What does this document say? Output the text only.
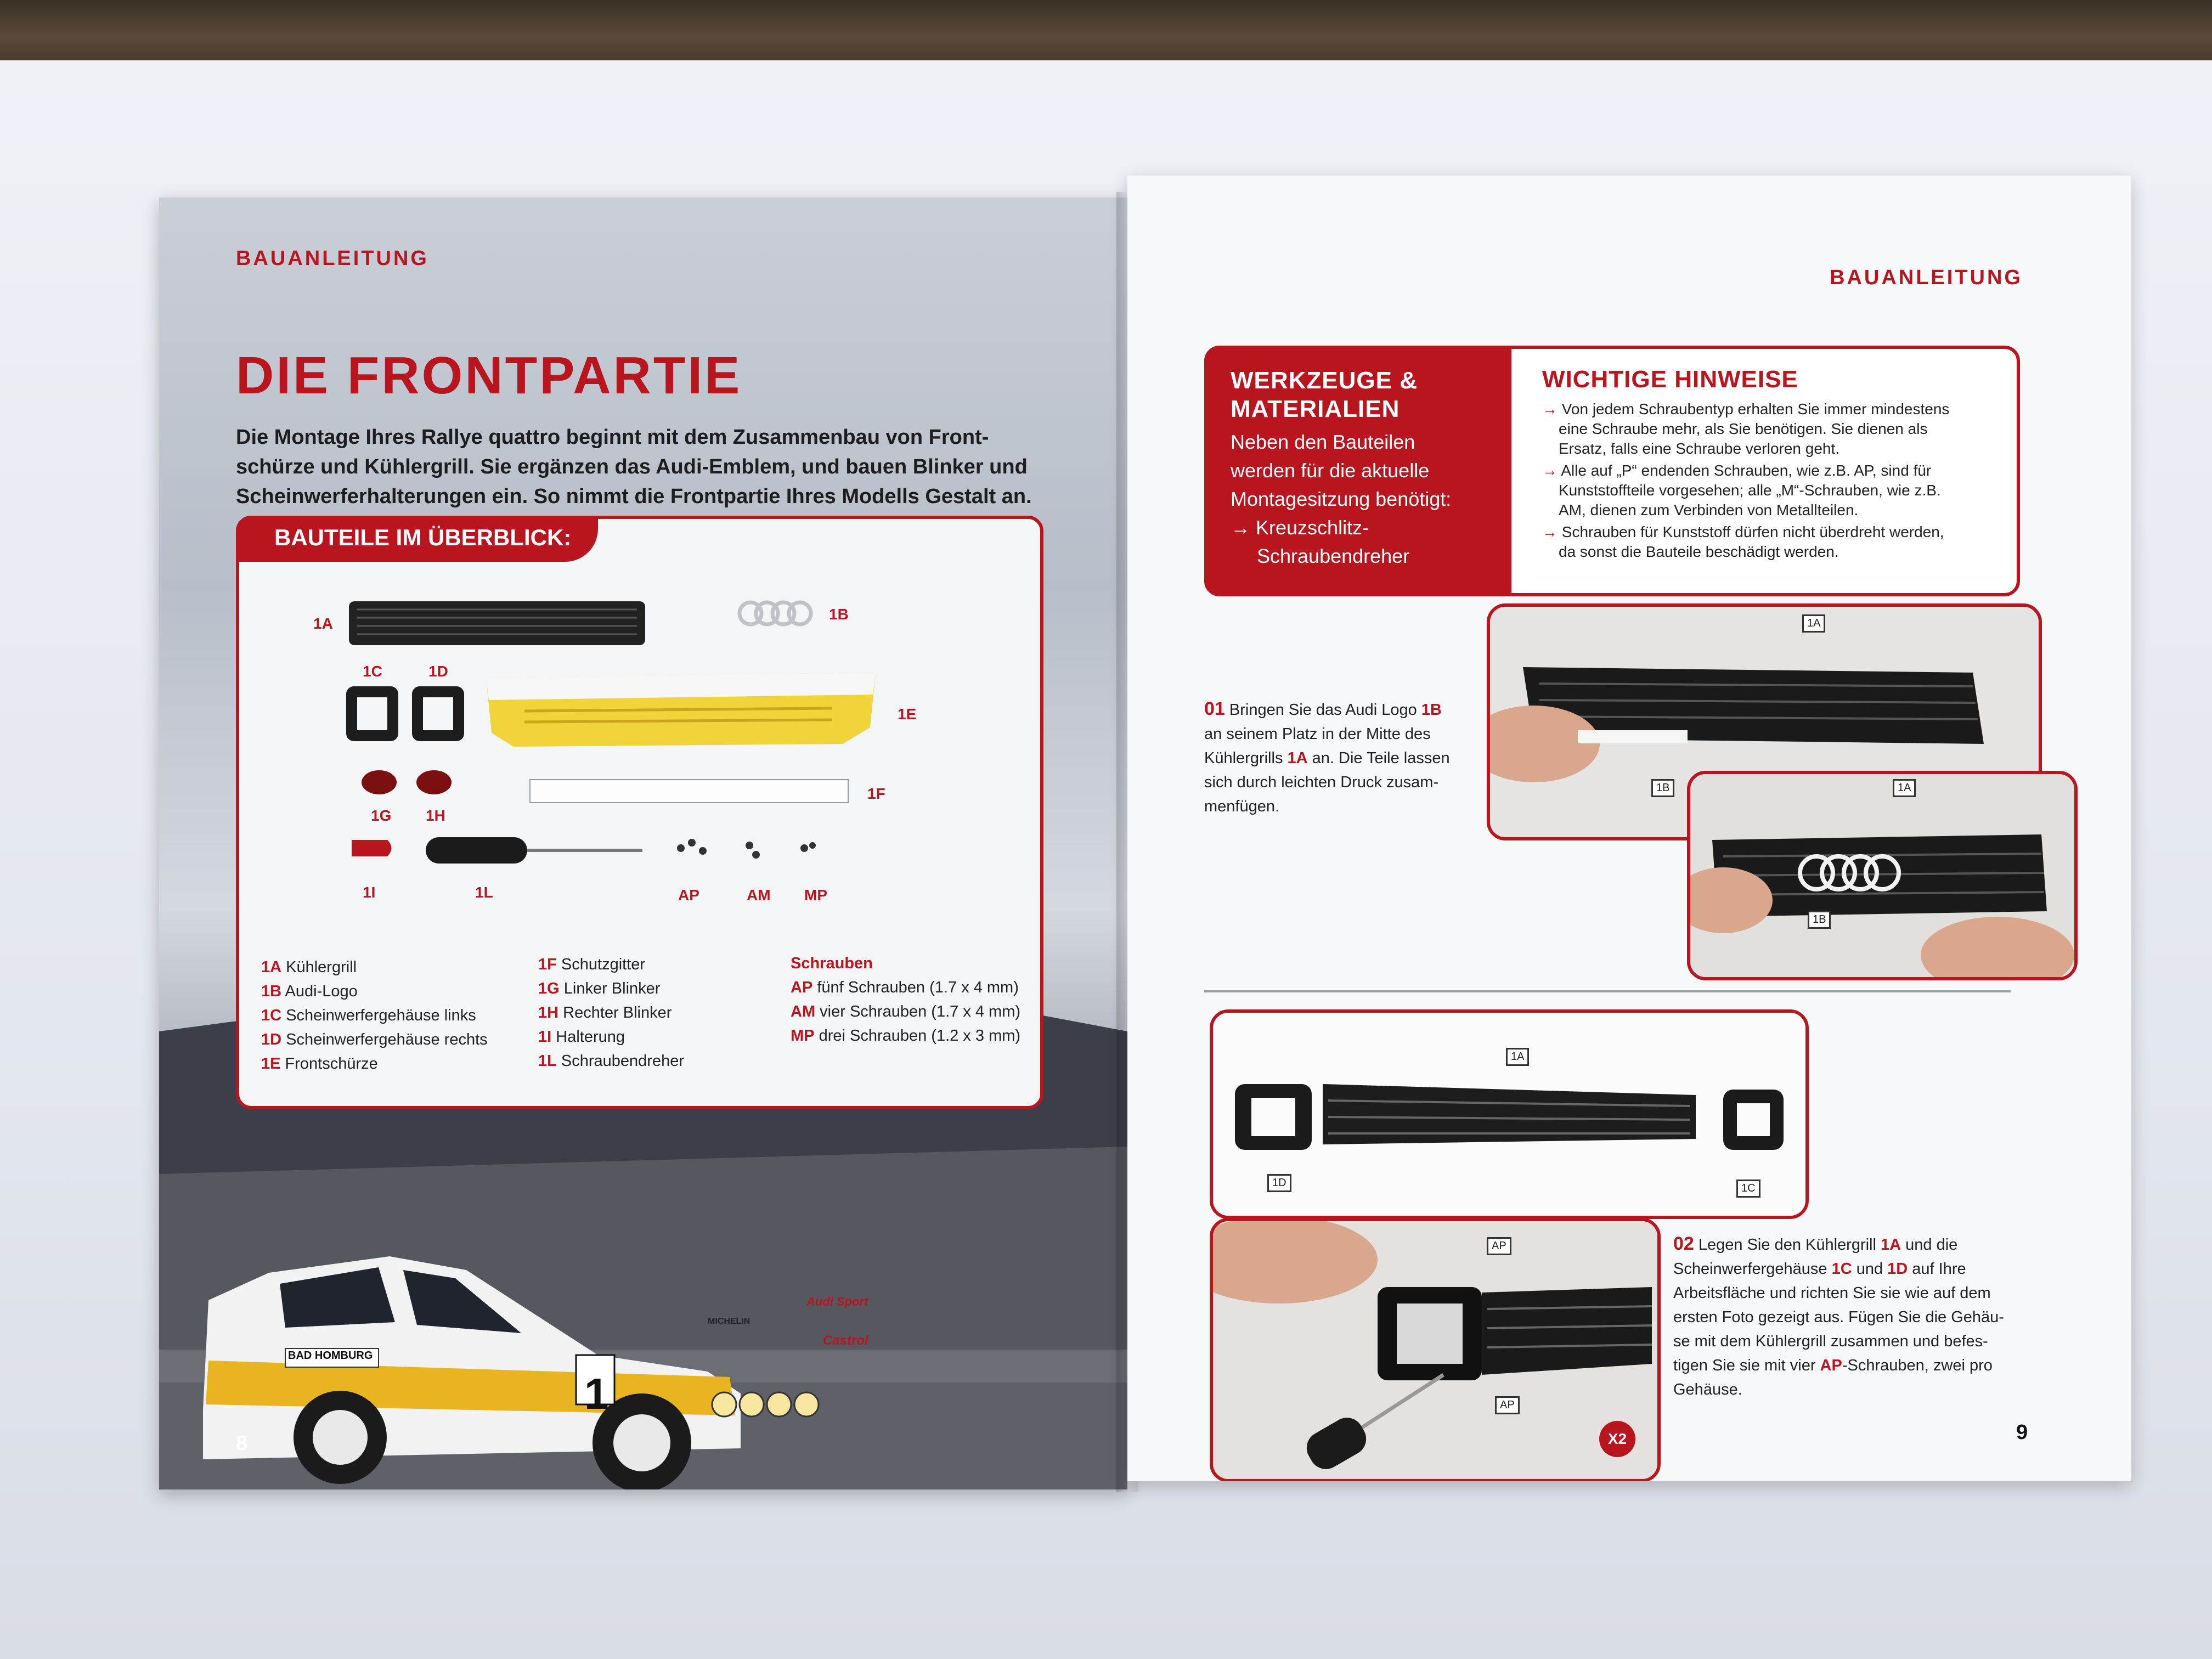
BAUANLEITUNG
DIE FRONTPARTIE
Die Montage Ihres Rallye quattro beginnt mit dem Zusammenbau von Front-
schürze und Kühlergrill. Sie ergänzen das Audi-Emblem, und bauen Blinker und
Scheinwerferhalterungen ein. So nimmt die Frontpartie Ihres Modells Gestalt an.
BAUTEILE IM ÜBERBLICK:
1A
1B
1C	1D
1E
1F
1G 1H
1I	1L	AP	AM MP
1A Kühlergrill
1B Audi-Logo
1C Scheinwerfergehäuse links
1D Scheinwerfergehäuse rechts
1E Frontschürze
1F Schutzgitter
1G Linker Blinker
1H Rechter Blinker
1I Halterung
1L Schraubendreher
Schrauben
AP fünf Schrauben (1.7 x 4 mm)
AM vier Schrauben (1.7 x 4 mm)
MP drei Schrauben (1.2 x 3 mm)
1
BAD HOMBURG
Audi Sport
Castrol
MICHELIN
8
BAUANLEITUNG
WERKZEUGE &
MATERIALIEN
Neben den Bauteilen
werden für die aktuelle
Montagesitzung benötigt:
→ Kreuzschlitz-
Schraubendreher
WICHTIGE HINWEISE
→ Von jedem Schraubentyp erhalten Sie immer mindestens
eine Schraube mehr, als Sie benötigen. Sie dienen als
Ersatz, falls eine Schraube verloren geht.
→ Alle auf „P“ endenden Schrauben, wie z.B. AP, sind für
Kunststoffteile vorgesehen; alle „M“-Schrauben, wie z.B.
AM, dienen zum Verbinden von Metallteilen.
→ Schrauben für Kunststoff dürfen nicht überdreht werden,
da sonst die Bauteile beschädigt werden.
01 Bringen Sie das Audi Logo 1B
an seinem Platz in der Mitte des
Kühlergrills 1A an. Die Teile lassen
sich durch leichten Druck zusam-
menfügen.
1A
1B	1A
1B
1A
1D	1C
AP
AP
X2
02 Legen Sie den Kühlergrill 1A und die
Scheinwerfergehäuse 1C und 1D auf Ihre
Arbeitsfläche und richten Sie sie wie auf dem
ersten Foto gezeigt aus. Fügen Sie die Gehäu-
se mit dem Kühlergrill zusammen und befes-
tigen Sie sie mit vier AP-Schrauben, zwei pro
Gehäuse.
9
